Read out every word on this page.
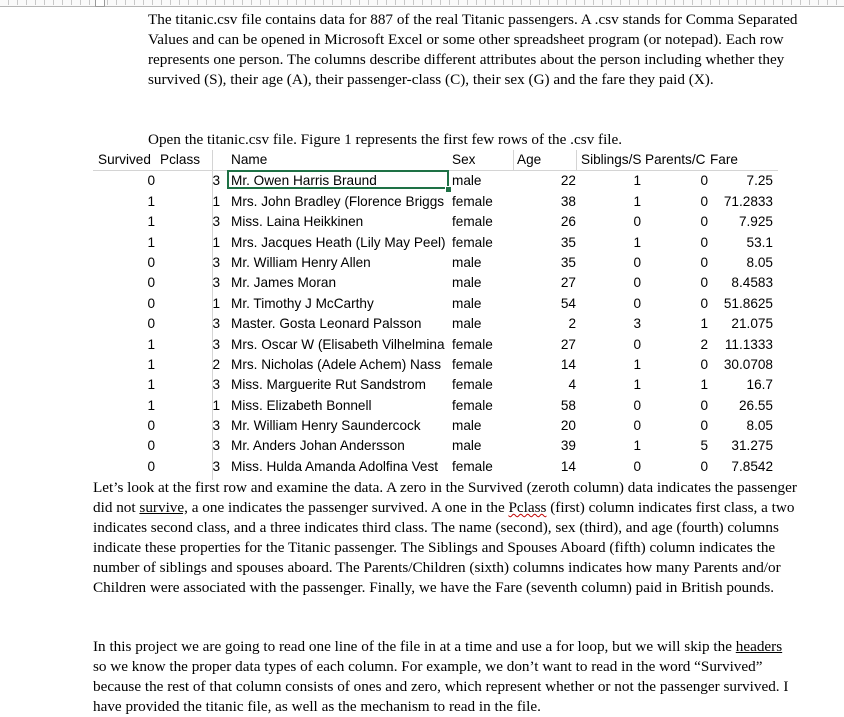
The titanic.csv file contains data for 887 of the real Titanic passengers. A .csv stands for Comma Separated Values and can be opened in Microsoft Excel or some other spreadsheet program (or notepad). Each row represents one person. The columns describe different attributes about the person including whether they survived (S), their age (A), their passenger-class (C), their sex (G) and the fare they paid (X).

Open the titanic.csv file. Figure 1 represents the first few rows of the .csv file.

Survived Pclass Name	Sex	Age	Siblings/S Parents/C Fare
0	3 Mr. Owen Harris Braund	male	22	1	0	7.25
1	1 Mrs. John Bradley (Florence Briggs female	38	1	0	71.2833
1	3 Miss. Laina Heikkinen	female	26	0	0	7.925
1	1 Mrs. Jacques Heath (Lily May Peel) female	35	1	0	53.1
0	3 Mr. William Henry Allen	male	35	0	0	8.05
0	3 Mr. James Moran	male	27	0	0	8.4583
0	1 Mr. Timothy J McCarthy	male	54	0	0	51.8625
0	3 Master. Gosta Leonard Palsson	male	2	3	1	21.075
1	3 Mrs. Oscar W (Elisabeth Vilhelmina female	27	0	2	11.1333
1	2 Mrs. Nicholas (Adele Achem) Nass female	14	1	0	30.0708
1	3 Miss. Marguerite Rut Sandstrom	female	4	1	1	16.7
1	1 Miss. Elizabeth Bonnell	female	58	0	0	26.55
0	3 Mr. William Henry Saundercock	male	20	0	0	8.05
0	3 Mr. Anders Johan Andersson	male	39	1	5	31.275
0	3 Miss. Hulda Amanda Adolfina Vest	female	14	0	0	7.8542

Let’s look at the first row and examine the data. A zero in the Survived (zeroth column) data indicates the passenger did not survive, a one indicates the passenger survived. A one in the Pclass (first) column indicates first class, a two indicates second class, and a three indicates third class. The name (second), sex (third), and age (fourth) columns indicate these properties for the Titanic passenger. The Siblings and Spouses Aboard (fifth) column indicates the number of siblings and spouses aboard. The Parents/Children (sixth) columns indicates how many Parents and/or Children were associated with the passenger. Finally, we have the Fare (seventh column) paid in British pounds.

In this project we are going to read one line of the file in at a time and use a for loop, but we will skip the headers so we know the proper data types of each column. For example, we don’t want to read in the word “Survived” because the rest of that column consists of ones and zero, which represent whether or not the passenger survived. I have provided the titanic file, as well as the mechanism to read in the file.
